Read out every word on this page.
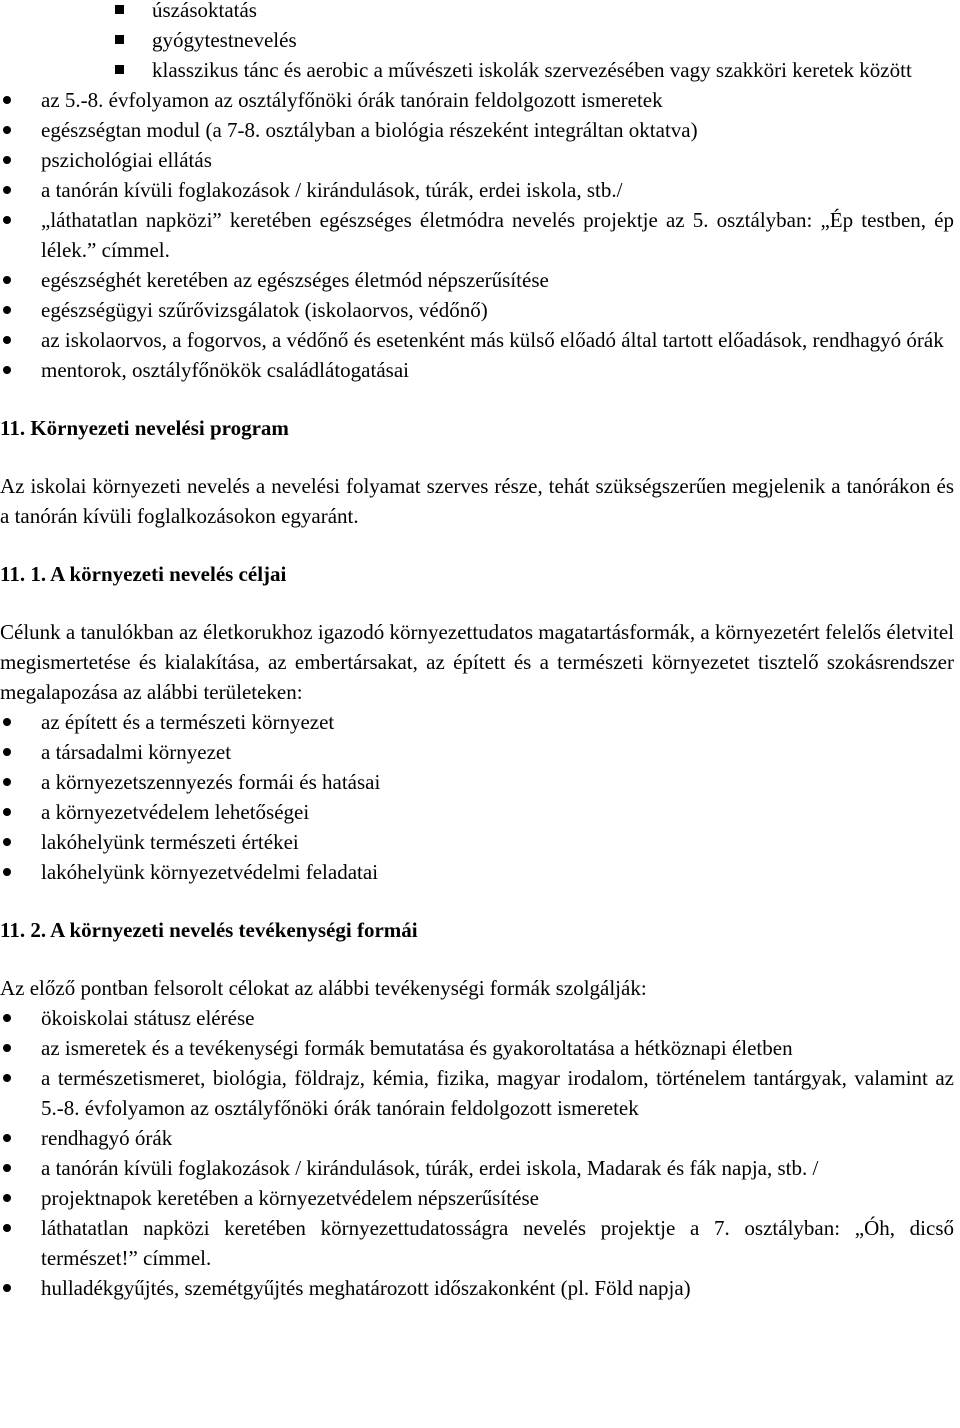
úszásoktatás
gyógytestnevelés
klasszikus tánc és aerobic a művészeti iskolák szervezésében vagy szakköri keretek között
az 5.-8. évfolyamon az osztályfőnöki órák tanórain feldolgozott ismeretek
egészségtan modul (a 7-8. osztályban a biológia részeként integráltan oktatva)
pszichológiai ellátás
a tanórán kívüli foglakozások / kirándulások, túrák, erdei iskola, stb./
„láthatatlan napközi” keretében egészséges életmódra nevelés projektje az 5. osztályban: „Ép testben, ép lélek.” címmel.
egészséghét keretében az egészséges életmód népszerűsítése
egészségügyi szűrővizsgálatok (iskolaorvos, védőnő)
az iskolaorvos, a fogorvos, a védőnő és esetenként más külső előadó által tartott előadások, rendhagyó órák
mentorok, osztályfőnökök családlátogatásai
11. Környezeti nevelési program

Az iskolai környezeti nevelés a nevelési folyamat szerves része, tehát szükségszerűen megjelenik a tanórákon és a tanórán kívüli foglalkozásokon egyaránt.

11. 1. A környezeti nevelés céljai

Célunk a tanulókban az életkorukhoz igazodó környezettudatos magatartásformák, a környezetért felelős életvitel megismertetése és kialakítása, az embertársakat, az épített és a természeti környezetet tisztelő szokásrendszer megalapozása az alábbi területeken:

az épített és a természeti környezet
a társadalmi környezet
a környezetszennyezés formái és hatásai
a környezetvédelem lehetőségei
lakóhelyünk természeti értékei
lakóhelyünk környezetvédelmi feladatai
11. 2. A környezeti nevelés tevékenységi formái

Az előző pontban felsorolt célokat az alábbi tevékenységi formák szolgálják:

ökoiskolai státusz elérése
az ismeretek és a tevékenységi formák bemutatása és gyakoroltatása a hétköznapi életben
a természetismeret, biológia, földrajz, kémia, fizika, magyar irodalom, történelem tantárgyak, valamint az 5.-8. évfolyamon az osztályfőnöki órák tanórain feldolgozott ismeretek
rendhagyó órák
a tanórán kívüli foglakozások / kirándulások, túrák, erdei iskola, Madarak és fák napja, stb. /
projektnapok keretében a környezetvédelem népszerűsítése
láthatatlan napközi keretében környezettudatosságra nevelés projektje a 7. osztályban: „Óh, dicső természet!” címmel.
hulladékgyűjtés, szemétgyűjtés meghatározott időszakonként (pl. Föld napja)
